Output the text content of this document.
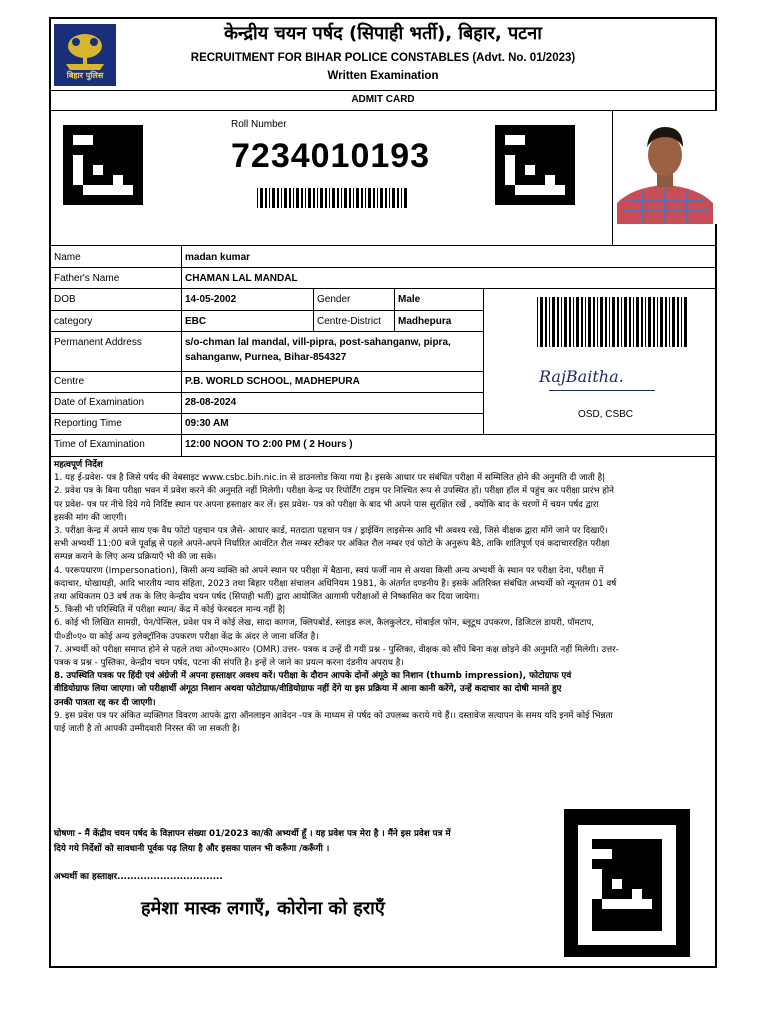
बिहार पुलिस
केन्द्रीय चयन पर्षद (सिपाही भर्ती), बिहार, पटना
RECRUITMENT FOR BIHAR POLICE CONSTABLES (Advt. No. 01/2023)
Written Examination
ADMIT CARD
Roll Number
7234010193
Name	madan kumar
Father's Name	CHAMAN LAL MANDAL
DOB	14-05-2002	Gender	Male
category	EBC	Centre-District Madhepura
Permanent Address	s/o-chman lal mandal, vill-pipra, post-sahanganw, pipra,
sahanganw, Purnea, Bihar-854327
Centre	P.B. WORLD SCHOOL, MADHEPURA
Date of Examination	28-08-2024
Reporting Time	09:30 AM
Time of Examination	12:00 NOON TO 2:00 PM ( 2 Hours )
RajBaitha.
OSD, CSBC

महत्वपूर्ण निर्देश

1. यह ई-प्रवेश- पत्र है जिसे पर्षद की वेबसाइट www.csbc.bih.nic.in से डाउनलोड किया गया है। इसके आधार पर संबंधित परीक्षा में सम्मिलित होने की अनुमति दी जाती है|

2. प्रवेश पत्र के बिना परीक्षा भवन में प्रवेश करने की अनुमति नहीं मिलेगी। परीक्षा केन्द्र पर रिपोर्टिंग टाइम पर निश्चित रूप से उपस्थित हों। परीक्षा हॉल में पहुंच कर परीक्षा प्रारंभ होने

पर प्रवेश- पत्र पर नीचे दिये गये निर्दिष्ट स्थान पर अपना हस्ताक्षर कर लें। इस प्रवेश- पत्र को परीक्षा के बाद भी अपने पास सुरक्षित रखें , क्योंकि बाद के चरणों में चयन पर्षद द्वारा

इसकी मांग की जाएगी।

3. परीक्षा केन्द्र में अपने साथ एक वैध फोटो पहचान पत्र जैसे- आधार कार्ड, मतदाता पहचान पत्र / ड्राईविंग लाइसेन्स आदि भी अवश्य रखे, जिसे वीक्षक द्वारा माँगे जाने पर दिखाएँ।

सभी अभ्यर्थी 11:00 बजे पूर्वाह्न से पहले अपने-अपने निर्धारित आवंटित रौल नम्बर स्टीकर पर अंकित रौल नम्बर एवं फोटो के अनुरूप बैठे, ताकि शांतिपूर्ण एवं कदाचाररहित परीक्षा

सम्पन्न कराने के लिए अन्य प्रक्रियाएँ भी की जा सके।

4. पररूपधारण (Impersonation), किसी अन्य व्यक्ति को अपने स्थान पर परीक्षा में बैठाना, स्वयं फर्जी नाम से अथवा किसी अन्य अभ्यर्थी के स्थान पर परीक्षा देना, परीक्षा में

कदाचार, धोखाधड़ी, आदि भारतीय न्याय संहिता, 2023 तथा बिहार परीक्षा संचालन अधिनियम 1981, के अंतर्गत दण्डनीय है। इसके अतिरिक्त संबंधित अभ्यर्थी को न्यूनतम 01 वर्ष

तथा अधिकतम 03 वर्ष तक के लिए केन्द्रीय चयन पर्षद (सिपाही भर्ती) द्वारा आयोजित आगामी परीक्षाओं से निष्कासित कर दिया जायेगा।

5. किसी भी परिस्थिति में परीक्षा स्थान/ केंद्र में कोई फेरबदल मान्य नहीं है|

6. कोई भी लिखित सामग्री, पेन/पेन्सिल, प्रवेश पत्र में कोई लेख, सादा कागज, क्लिपबोर्ड, स्लाइड रूल, कैलकुलेटर, मोबाईल फोन, ब्लूटूथ उपकरण, डिजिटल डायरी, पॉमटाप,

पी०डी०ए० या कोई अन्य इलेक्ट्रॉनिक उपकरण परीक्षा केंद्र के अंदर ले जाना वर्जित है।

7. अभ्यर्थी को परीक्षा समाप्त होने से पहले तथा ओ०एम०आर० (OMR) उत्तर- पत्रक व उन्हें दी गयी प्रश्न - पुस्तिका, वीक्षक को सौंपे बिना कक्ष छोड़ने की अनुमति नहीं मिलेगी। उत्तर-

पत्रक व प्रश्न - पुस्तिका, केन्द्रीय चयन पर्षद, पटना की संपति है। इन्हें ले जाने का प्रयत्न करना दंडनीय अपराध है।

8. उपस्थिति पत्रक पर हिंदी एवं अंग्रेजी में अपना हस्ताक्षर अवश्य करें। परीक्षा के दौरान आपके दोनों अंगूठे का निशान (thumb impression), फोटोग्राफ एवं

वीडियोग्राफ लिया जाएगा। जो परीक्षार्थी अंगूठा निशान अथवा फोटोग्राफ/वीडियोग्राफ नहीं देंगे या इस प्रक्रिया में आना कानी करेंगे, उन्हें कदाचार का दोषी मानते हुए

उनकी पात्रता रद्द कर दी जाएगी।

9. इस प्रवेश पत्र पर अंकित व्यक्तिगत विवरण आपके द्वारा ऑनलाइन आवेदन -पत्र के माध्यम से पर्षद को उपलब्ध कराये गये हैं।। दस्तावेज सत्यापन के समय यदि इनमें कोई भिन्नता

पाई जाती है तो आपकी उम्मीदवारी निरस्त की जा सकती है।

घोषणा - मैं केंद्रीय चयन पर्षद के विज्ञापन संख्या 01/2023 का/की अभ्यर्थी हूँ । यह प्रवेश पत्र मेरा है । मैंने इस प्रवेश पत्र में
दिये गये निर्देशों को सावधानी पूर्वक पढ़ लिया है और इसका पालन भी करूँगा /करूँगी ।
अभ्यर्थी का हस्ताक्षर................................
हमेशा मास्क लगाएँ, कोरोना को हराएँ
